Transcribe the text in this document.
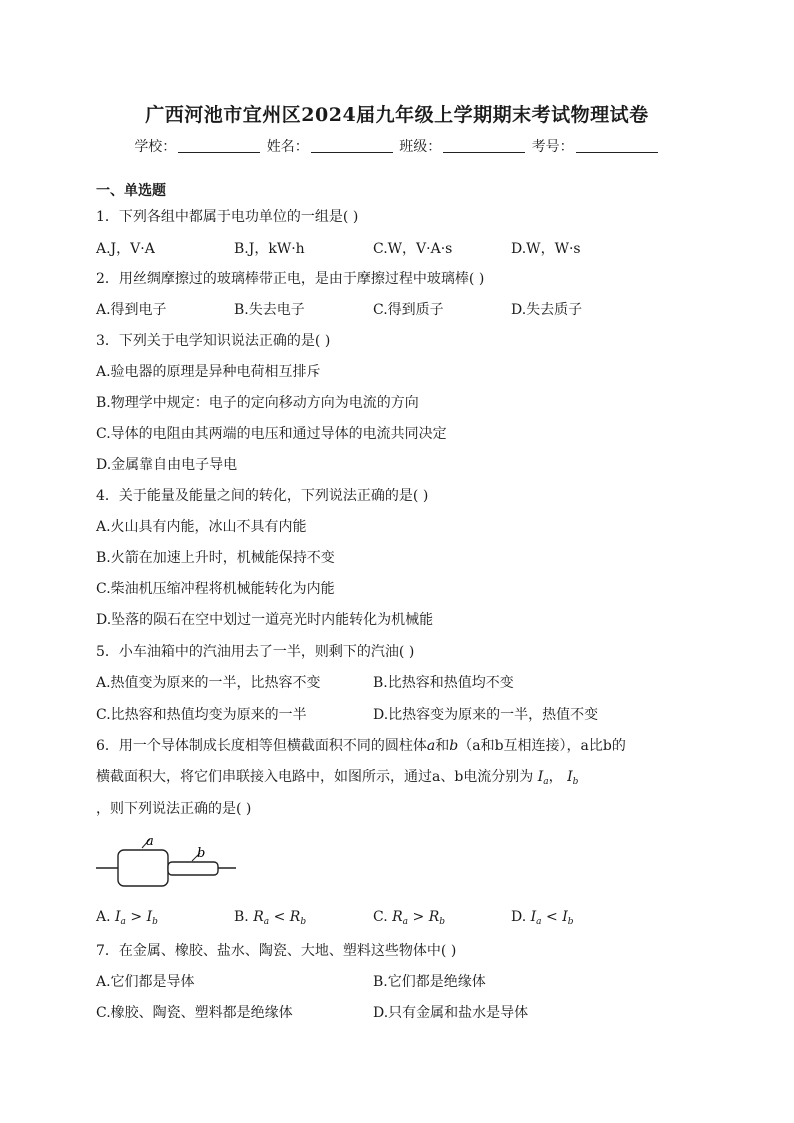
广西河池市宜州区2024届九年级上学期期末考试物理试卷
学校：	姓名：	班级：	考号：
一、单选题
1．下列各组中都属于电功单位的一组是( )
A.J，V·A	B.J，kW·h	C.W，V·A·s	D.W，W·s
2．用丝绸摩擦过的玻璃棒带正电，是由于摩擦过程中玻璃棒( )
A.得到电子	B.失去电子	C.得到质子	D.失去质子
3．下列关于电学知识说法正确的是( )
A.验电器的原理是异种电荷相互排斥
B.物理学中规定：电子的定向移动方向为电流的方向
C.导体的电阻由其两端的电压和通过导体的电流共同决定
D.金属靠自由电子导电
4．关于能量及能量之间的转化，下列说法正确的是( )
A.火山具有内能，冰山不具有内能
B.火箭在加速上升时，机械能保持不变
C.柴油机压缩冲程将机械能转化为内能
D.坠落的陨石在空中划过一道亮光时内能转化为机械能
5．小车油箱中的汽油用去了一半，则剩下的汽油( )
A.热值变为原来的一半，比热容不变	B.比热容和热值均不变
C.比热容和热值均变为原来的一半	D.比热容变为原来的一半，热值不变
6．用一个导体制成长度相等但横截面积不同的圆柱体a和b（a和b互相连接），a比b的
横截面积大，将它们串联接入电路中，如图所示，通过a、b电流分别为 $I_a$， $I_b$
，则下列说法正确的是( )
a
b
A. $I_a > I_b$	B. $R_a < R_b$	C. $R_a > R_b$	D. $I_a < I_b$
7．在金属、橡胶、盐水、陶瓷、大地、塑料这些物体中( )
A.它们都是导体	B.它们都是绝缘体
C.橡胶、陶瓷、塑料都是绝缘体	D.只有金属和盐水是导体
